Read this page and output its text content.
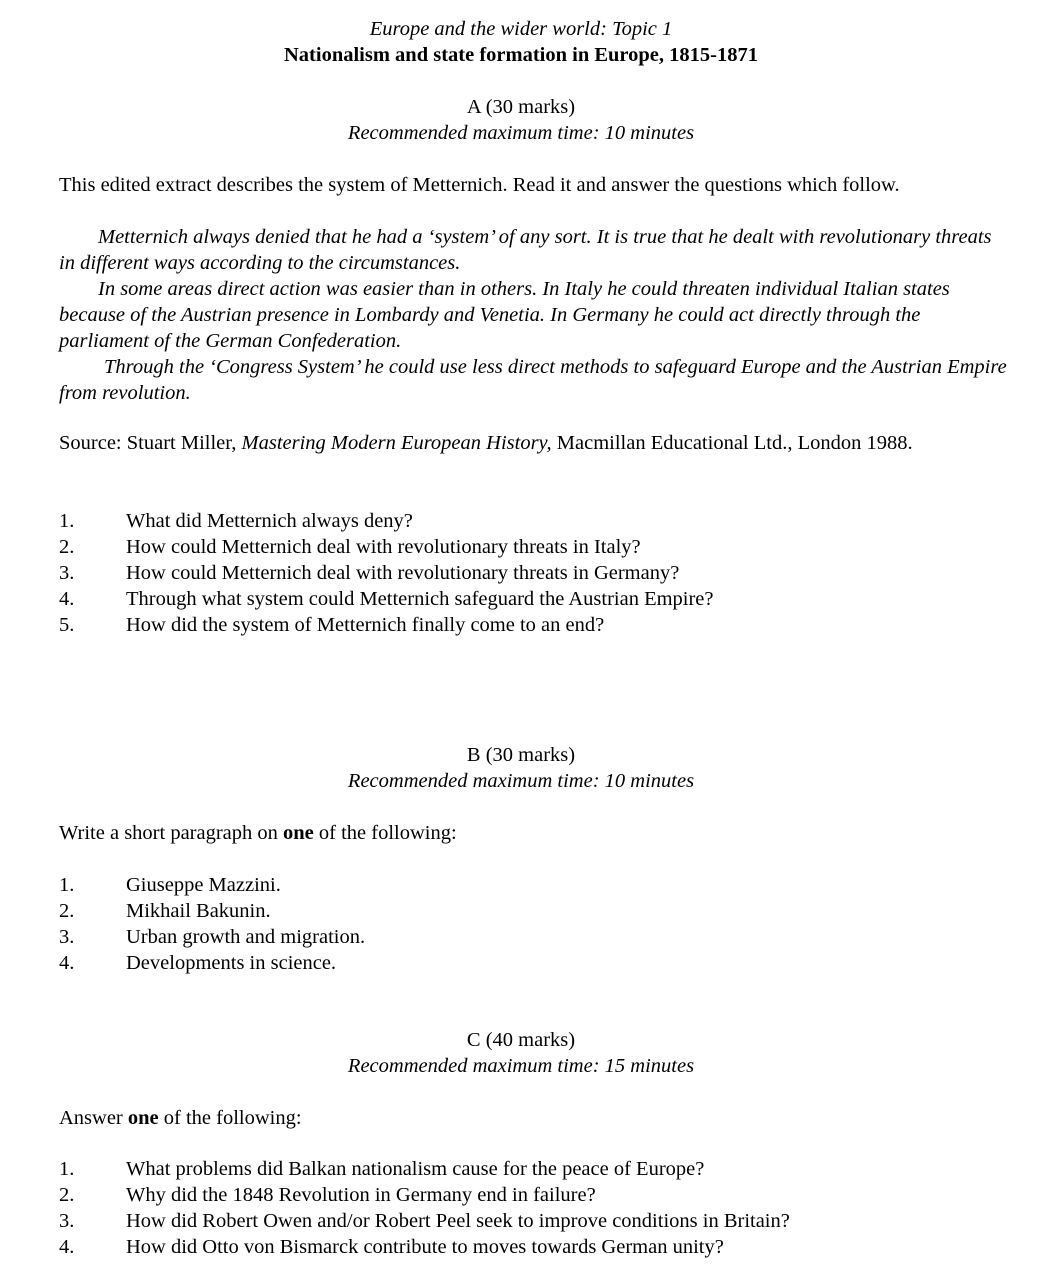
Europe and the wider world: Topic 1
Nationalism and state formation in Europe, 1815-1871
A (30 marks)
Recommended maximum time: 10 minutes
This edited extract describes the system of Metternich. Read it and answer the questions which follow.

Metternich always denied that he had a ‘system’ of any sort. It is true that he dealt with revolutionary threats in different ways according to the circumstances.

In some areas direct action was easier than in others. In Italy he could threaten individual Italian states because of the Austrian presence in Lombardy and Venetia. In Germany he could act directly through the parliament of the German Confederation.

Through the ‘Congress System’ he could use less direct methods to safeguard Europe and the Austrian Empire from revolution.

Source: Stuart Miller, Mastering Modern European History, Macmillan Educational Ltd., London 1988.
1.	What did Metternich always deny?
2.	How could Metternich deal with revolutionary threats in Italy?
3.	How could Metternich deal with revolutionary threats in Germany?
4.	Through what system could Metternich safeguard the Austrian Empire?
5.	How did the system of Metternich finally come to an end?
B (30 marks)
Recommended maximum time: 10 minutes
Write a short paragraph on one of the following:
1.	Giuseppe Mazzini.
2.	Mikhail Bakunin.
3.	Urban growth and migration.
4.	Developments in science.
C (40 marks)
Recommended maximum time: 15 minutes
Answer one of the following:
1.	What problems did Balkan nationalism cause for the peace of Europe?
2.	Why did the 1848 Revolution in Germany end in failure?
3.	How did Robert Owen and/or Robert Peel seek to improve conditions in Britain?
4.	How did Otto von Bismarck contribute to moves towards German unity?
